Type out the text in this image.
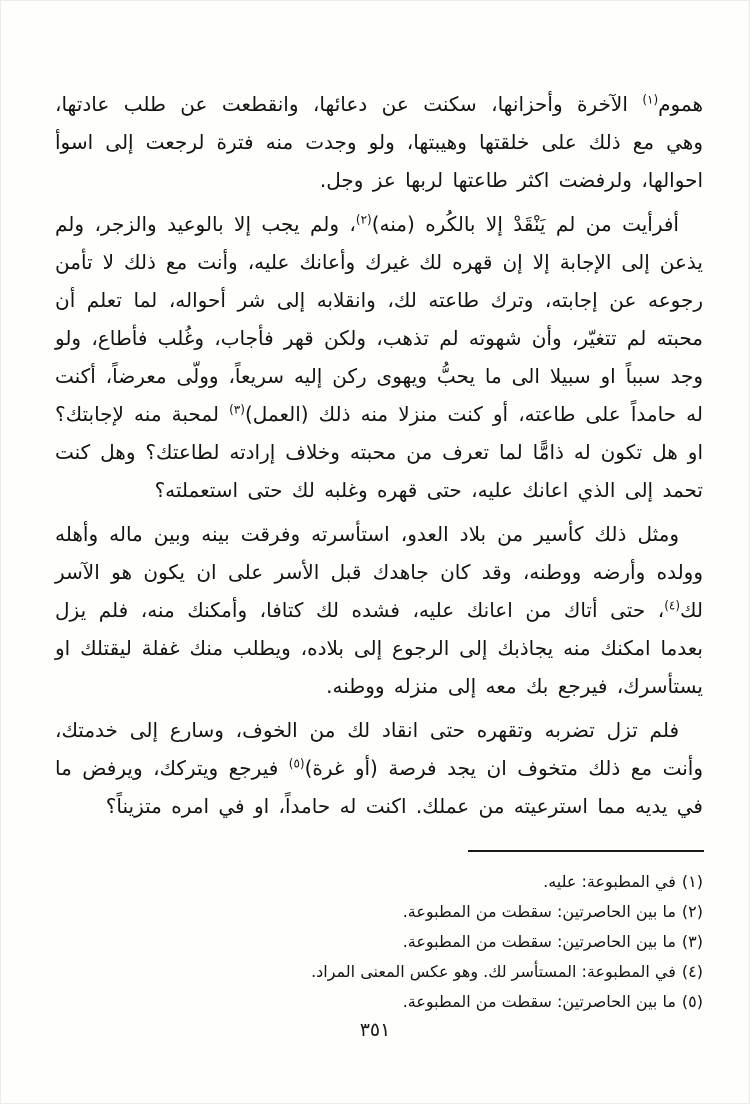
هموم$^{(١)}$ الآخرة وأحزانها، سكنت عن دعائها، وانقطعت عن طلب عادتها، وهي مع ذلك على خلقتها وهيبتها، ولو وجدت منه فترة لرجعت إلى اسوأ احوالها، ولرفضت اكثر طاعتها لربها عز وجل.

أفرأيت من لم يَنْقَدْ إلا بالكُره (منه)$^{(٢)}$، ولم يجب إلا بالوعيد والزجر، ولم يذعن إلى الإجابة إلا إن قهره لك غيرك وأعانك عليه، وأنت مع ذلك لا تأمن رجوعه عن إجابته، وترك طاعته لك، وانقلابه إلى شر أحواله، لما تعلم أن محبته لم تتغيّر، وأن شهوته لم تذهب، ولكن قهر فأجاب، وغُلب فأطاع، ولو وجد سبباً او سبيلا الى ما يحبُّ ويهوى ركن إليه سريعاً، وولّى معرضاً، أكنت له حامداً على طاعته، أو كنت منزلا منه ذلك (العمل)$^{(٣)}$ لمحبة منه لإجابتك؟ او هل تكون له ذامًّا لما تعرف من محبته وخلاف إرادته لطاعتك؟ وهل كنت تحمد إلى الذي اعانك عليه، حتى قهره وغلبه لك حتى استعملته؟

ومثل ذلك كأسير من بلاد العدو، استأسرته وفرقت بينه وبين ماله وأهله وولده وأرضه ووطنه، وقد كان جاهدك قبل الأسر على ان يكون هو الآسر لك$^{(٤)}$، حتى أتاك من اعانك عليه، فشده لك كتافا، وأمكنك منه، فلم يزل بعدما امكنك منه يجاذبك إلى الرجوع إلى بلاده، ويطلب منك غفلة ليقتلك او يستأسرك، فيرجع بك معه إلى منزله ووطنه.

فلم تزل تضربه وتقهره حتى انقاد لك من الخوف، وسارع إلى خدمتك، وأنت مع ذلك متخوف ان يجد فرصة (أو غرة)$^{(٥)}$ فيرجع ويتركك، ويرفض ما في يديه مما استرعيته من عملك. اكنت له حامداً، او في امره متزيناً؟

(١)في المطبوعة: عليه.
(٢)ما بين الحاصرتين: سقطت من المطبوعة.
(٣)ما بين الحاصرتين: سقطت من المطبوعة.
(٤)في المطبوعة: المستأسر لك. وهو عكس المعنى المراد.
(٥)ما بين الحاصرتين: سقطت من المطبوعة.
٣٥١
